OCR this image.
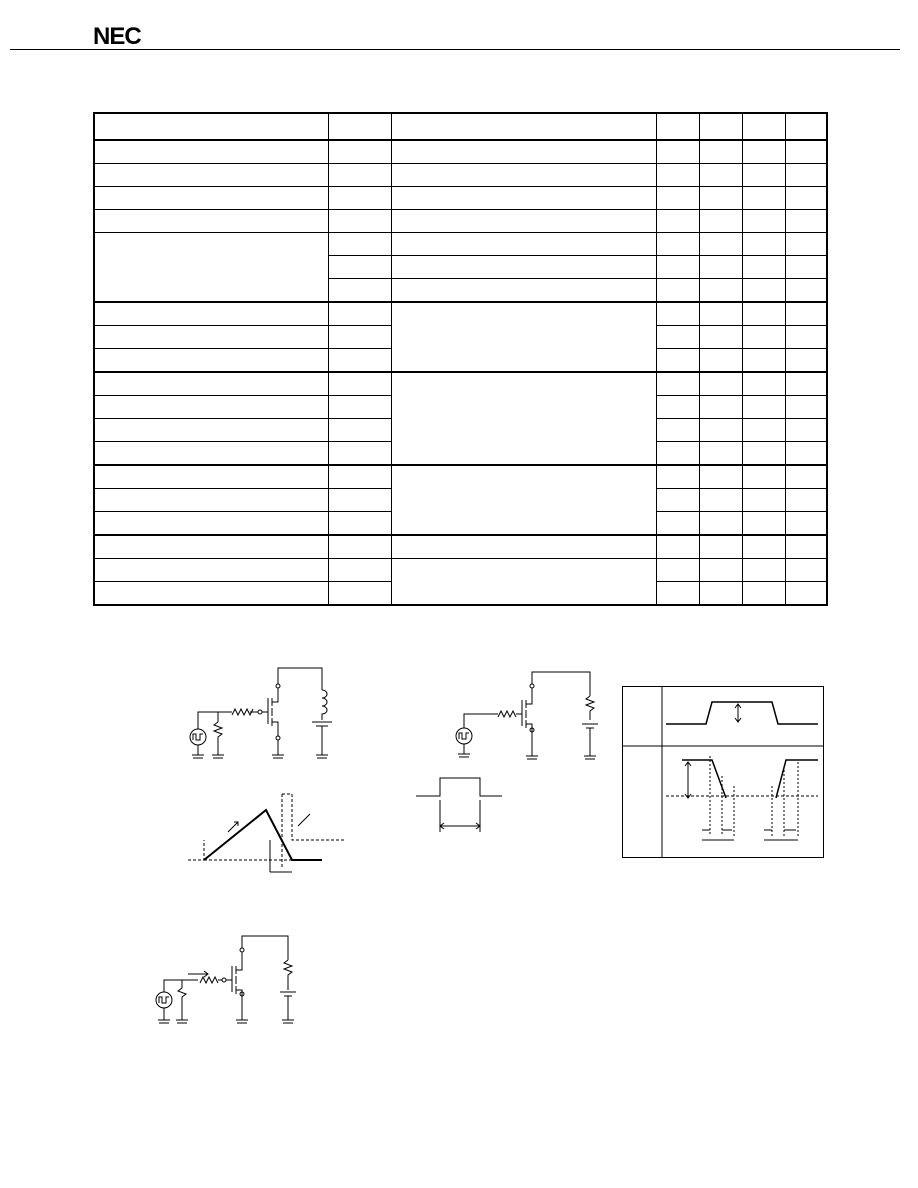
NEC
